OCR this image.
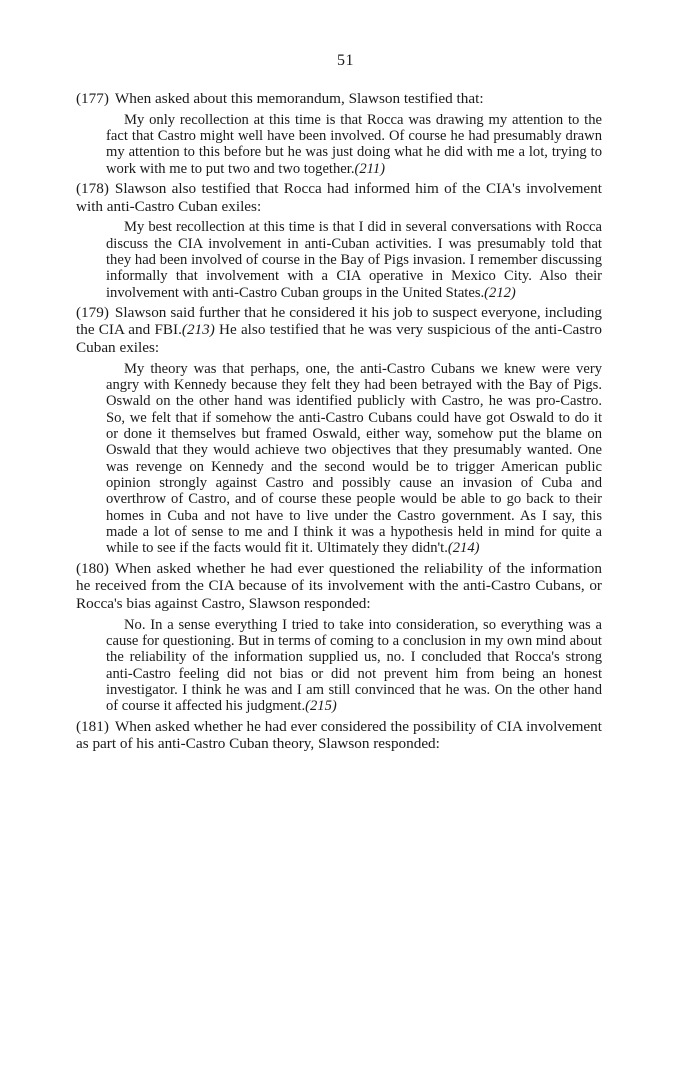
51

(177) When asked about this memorandum, Slawson testified that:

My only recollection at this time is that Rocca was drawing my attention to the fact that Castro might well have been involved. Of course he had presumably drawn my attention to this before but he was just doing what he did with me a lot, trying to work with me to put two and two together.(211)

(178) Slawson also testified that Rocca had informed him of the CIA's involvement with anti-Castro Cuban exiles:

My best recollection at this time is that I did in several conversations with Rocca discuss the CIA involvement in anti-Cuban activities. I was presumably told that they had been involved of course in the Bay of Pigs invasion. I remember discussing informally that involvement with a CIA operative in Mexico City. Also their involvement with anti-Castro Cuban groups in the United States.(212)

(179) Slawson said further that he considered it his job to suspect everyone, including the CIA and FBI.(213) He also testified that he was very suspicious of the anti-Castro Cuban exiles:

My theory was that perhaps, one, the anti-Castro Cubans we knew were very angry with Kennedy because they felt they had been betrayed with the Bay of Pigs. Oswald on the other hand was identified publicly with Castro, he was pro-Castro. So, we felt that if somehow the anti-Castro Cubans could have got Oswald to do it or done it themselves but framed Oswald, either way, somehow put the blame on Oswald that they would achieve two objectives that they presumably wanted. One was revenge on Kennedy and the second would be to trigger American public opinion strongly against Castro and possibly cause an invasion of Cuba and overthrow of Castro, and of course these people would be able to go back to their homes in Cuba and not have to live under the Castro government. As I say, this made a lot of sense to me and I think it was a hypothesis held in mind for quite a while to see if the facts would fit it. Ultimately they didn't.(214)

(180) When asked whether he had ever questioned the reliability of the information he received from the CIA because of its involvement with the anti-Castro Cubans, or Rocca's bias against Castro, Slawson responded:

No. In a sense everything I tried to take into consideration, so everything was a cause for questioning. But in terms of coming to a conclusion in my own mind about the reliability of the information supplied us, no. I concluded that Rocca's strong anti-Castro feeling did not bias or did not prevent him from being an honest investigator. I think he was and I am still convinced that he was. On the other hand of course it affected his judgment.(215)

(181) When asked whether he had ever considered the possibility of CIA involvement as part of his anti-Castro Cuban theory, Slawson responded:
